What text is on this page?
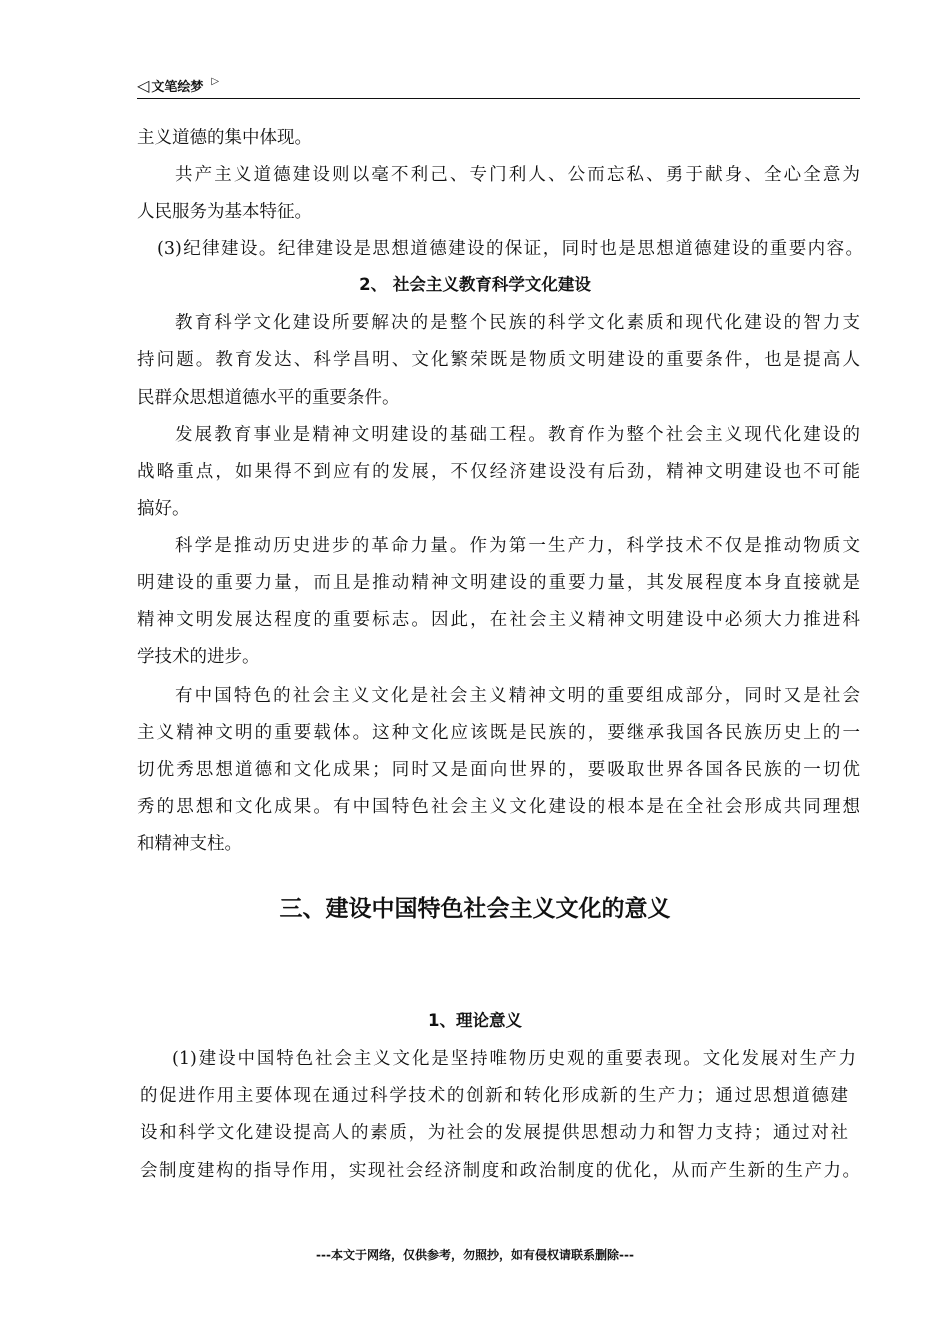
◁ 文笔绘梦 ▷
主义道德的集中体现。
共产主义道德建设则以毫不利己、专门利人、公而忘私、勇于献身、全心全意为
人民服务为基本特征。
(3)纪律建设。纪律建设是思想道德建设的保证，同时也是思想道德建设的重要内容。
2、 社会主义教育科学文化建设
教育科学文化建设所要解决的是整个民族的科学文化素质和现代化建设的智力支
持问题。教育发达、科学昌明、文化繁荣既是物质文明建设的重要条件，也是提高人
民群众思想道德水平的重要条件。
发展教育事业是精神文明建设的基础工程。教育作为整个社会主义现代化建设的
战略重点，如果得不到应有的发展，不仅经济建设没有后劲，精神文明建设也不可能
搞好。
科学是推动历史进步的革命力量。作为第一生产力，科学技术不仅是推动物质文
明建设的重要力量，而且是推动精神文明建设的重要力量，其发展程度本身直接就是
精神文明发展达程度的重要标志。因此，在社会主义精神文明建设中必须大力推进科
学技术的进步。
有中国特色的社会主义文化是社会主义精神文明的重要组成部分，同时又是社会
主义精神文明的重要载体。这种文化应该既是民族的，要继承我国各民族历史上的一
切优秀思想道德和文化成果；同时又是面向世界的，要吸取世界各国各民族的一切优
秀的思想和文化成果。有中国特色社会主义文化建设的根本是在全社会形成共同理想
和精神支柱。
三、建设中国特色社会主义文化的意义
1、理论意义
(1)建设中国特色社会主义文化是坚持唯物历史观的重要表现。文化发展对生产力
的促进作用主要体现在通过科学技术的创新和转化形成新的生产力；通过思想道德建
设和科学文化建设提高人的素质，为社会的发展提供思想动力和智力支持；通过对社
会制度建构的指导作用，实现社会经济制度和政治制度的优化，从而产生新的生产力。
---本文于网络，仅供参考，勿照抄，如有侵权请联系删除---
